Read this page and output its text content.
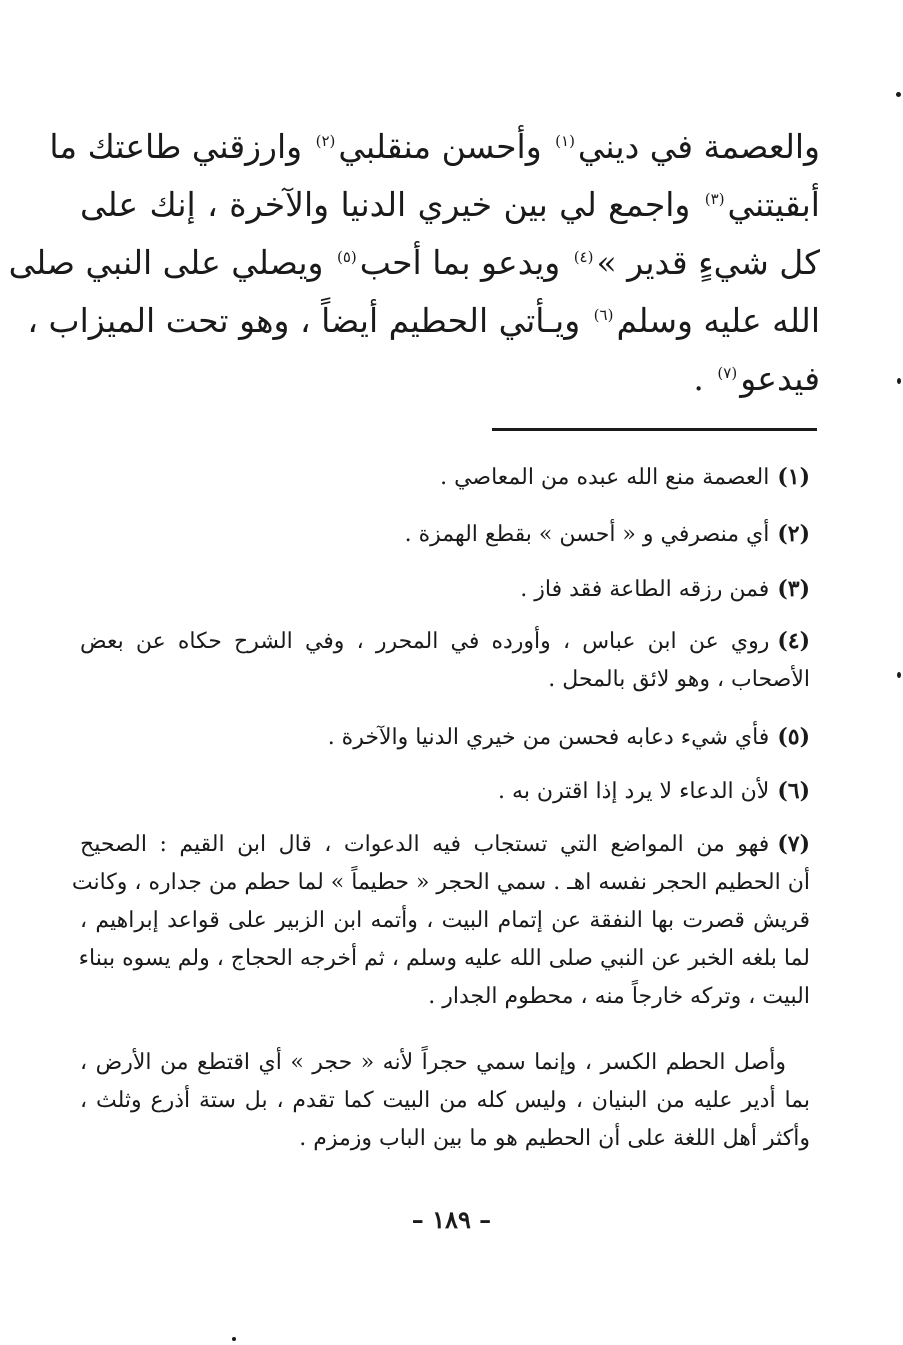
والعصمة في ديني$^{(١)}$ وأحسن منقلبي$^{(٢)}$ وارزقني طاعتك ما
أبقيتني$^{(٣)}$ واجمع لي بين خيري الدنيا والآخرة ، إنك على
كل شيءٍ قدير »$^{(٤)}$ ويدعو بما أحب$^{(٥)}$ ويصلي على النبي صلى
الله عليه وسلم$^{(٦)}$ ويـأتي الحطيم أيضاً ، وهو تحت الميزاب ،
فيدعو$^{(٧)}$ .
(١)العصمة منع الله عبده من المعاصي .
(٢)أي منصرفي و « أحسن » بقطع الهمزة .
(٣)فمن رزقه الطاعة فقد فاز .
(٤)روي عن ابن عباس ، وأورده في المحرر ، وفي الشرح حكاه عن بعض
الأصحاب ، وهو لائق بالمحل .
(٥)فأي شيء دعابه فحسن من خيري الدنيا والآخرة .
(٦)لأن الدعاء لا يرد إذا اقترن به .
(٧)فهو من المواضع التي تستجاب فيه الدعوات ، قال ابن القيم : الصحيح
أن الحطيم الحجر نفسه اهـ . سمي الحجر « حطيماً » لما حطم من جداره ، وكانت
قريش قصرت بها النفقة عن إتمام البيت ، وأتمه ابن الزبير على قواعد إبراهيم ،
لما بلغه الخبر عن النبي صلى الله عليه وسلم ، ثم أخرجه الحجاج ، ولم يسوه ببناء
البيت ، وتركه خارجاً منه ، محطوم الجدار .
وأصل الحطم الكسر ، وإنما سمي حجراً لأنه « حجر » أي اقتطع من الأرض ،
بما أدير عليه من البنيان ، وليس كله من البيت كما تقدم ، بل ستة أذرع وثلث ،
وأكثر أهل اللغة على أن الحطيم هو ما بين الباب وزمزم .
– ١٨٩ –
